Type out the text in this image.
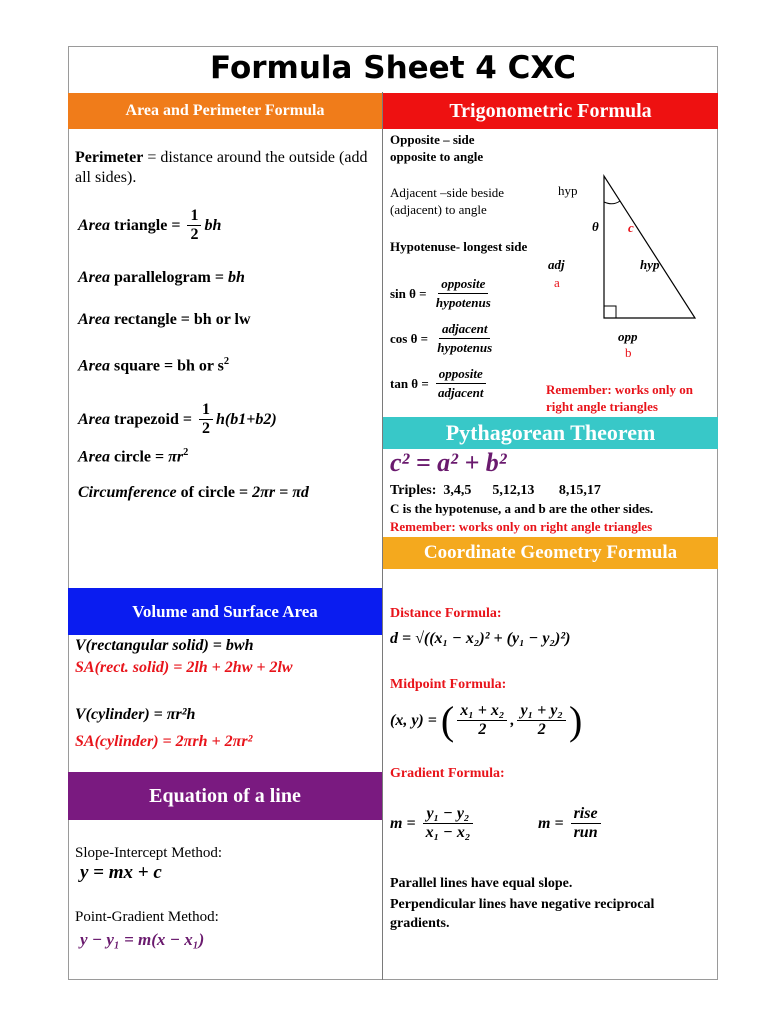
Formula Sheet 4 CXC
Area and Perimeter Formula
Perimeter = distance around the outside (add all sides).
Area triangle = $\frac{1}{2}$ bh
Area parallelogram = bh
Area rectangle = bh or lw
Area square = bh or $s^2$
Area trapezoid = $\frac{1}{2} h(b1+b2)$
Area circle = $\pi r^2$
Circumference of circle = 2πr = πd
Volume and Surface Area
V(rectangular solid) = bwh
SA(rect. solid) = 2lh + 2hw + 2lw
V(cylinder) = πr²h
SA(cylinder) = 2πrh + 2πr²
Equation of a line
Slope-Intercept Method:
y = mx + c
Point-Gradient Method:
y − y₁ = m(x − x₁)
Trigonometric Formula
Opposite – side opposite to angle
Adjacent –side beside (adjacent) to angle
Hypotenuse- longest side
$\sin \theta = \frac{\text{opposite}}{\text{hypotenus}}$
$\cos \theta = \frac{\text{adjacent}}{\text{hypotenus}}$
$\tan \theta = \frac{\text{opposite}}{\text{adjacent}}$
hyp
θ c
adj
a
hyp
opp
b
Remember: works only on right angle triangles
Pythagorean Theorem
c² = a² + b²
Triples:  3,4,5      5,12,13       8,15,17
C is the hypotenuse, a and b are the other sides.
Remember: works only on right angle triangles
Coordinate Geometry Formula
Distance Formula:
d = √((x₁ − x₂)² + (y₁ − y₂)²)
Midpoint Formula:
(x, y) = ( $\frac{\text{x₁ + x₂}}{2}$ , $\frac{\text{y₁ + y₂}}{2}$ )
Gradient Formula:
$m = \frac{\text{y₁ − y₂}}{\text{x₁ − x₂}}$	$m = \frac{\text{rise}}{\text{run}}$
Parallel lines have equal slope.
Perpendicular lines have negative reciprocal gradients.
